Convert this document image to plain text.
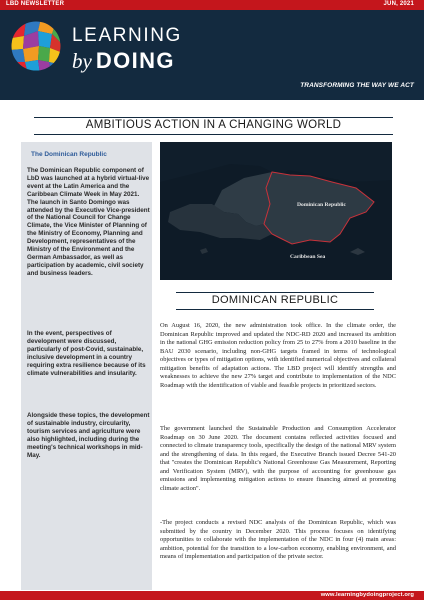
LBD NEWSLETTER	JUN, 2021
LEARNING
by DOING
TRANSFORMING THE WAY WE ACT
AMBITIOUS ACTION IN A CHANGING WORLD
The Dominican Republic
The Dominican Republic component of LbD was launched at a hybrid virtual-live event at the Latin America and the Caribbean Climate Week in May 2021. The launch in Santo Domingo was attended by the Executive Vice-president of the National Council for Change Climate, the Vice Minister of Planning of the Ministry of Economy, Planning and Development, representatives of the Ministry of the Environment and the German Ambassador, as well as participation by academic, civil society and business leaders.
In the event, perspectives of development were discussed, particularly of post-Covid, sustainable, inclusive development in a country requiring extra resilience because of its climate vulnerabilities and insularity.
Alongside these topics, the development of sustainable industry, circularity, tourism services and agriculture were also highlighted, including during the meeting's technical workshops in mid-May.
Dominican Republic
Caribbean Sea
DOMINICAN REPUBLIC
On August 16, 2020, the new administration took office. In the climate order, the Dominican Republic improved and updated the NDC-RD 2020 and increased its ambition in the national GHG emission reduction policy from 25 to 27% from a 2010 baseline in the BAU 2030 scenario, including non-GHG targets framed in terms of technological objectives or types of mitigation options, with identified numerical objectives and collateral mitigation benefits of adaptation actions. The LBD project will identify strengths and weaknesses to achieve the new 27% target and contribute to implementation of the NDC Roadmap with the identification of viable and feasible projects in prioritized sectors.
The government launched the Sustainable Production and Consumption Accelerator Roadmap on 30 June 2020. The document contains reflected activities focused and connected to climate transparency tools, specifically the design of the national MRV system and the strengthening of data. In this regard, the Executive Branch issued Decree 541-20 that "creates the Dominican Republic's National Greenhouse Gas Measurement, Reporting and Verification System (MRV), with the purpose of accounting for greenhouse gas emissions and implementing mitigation actions to ensure financing aimed at promoting climate action".
-The project conducts a revised NDC analysis of the Dominican Republic, which was submitted by the country in December 2020. This process focuses on identifying opportunities to collaborate with the implementation of the NDC in four (4) main areas: ambition, potential for the transition to a low-carbon economy, enabling environment, and means of implementation and participation of the private sector.
www.learningbydoingproject.org
